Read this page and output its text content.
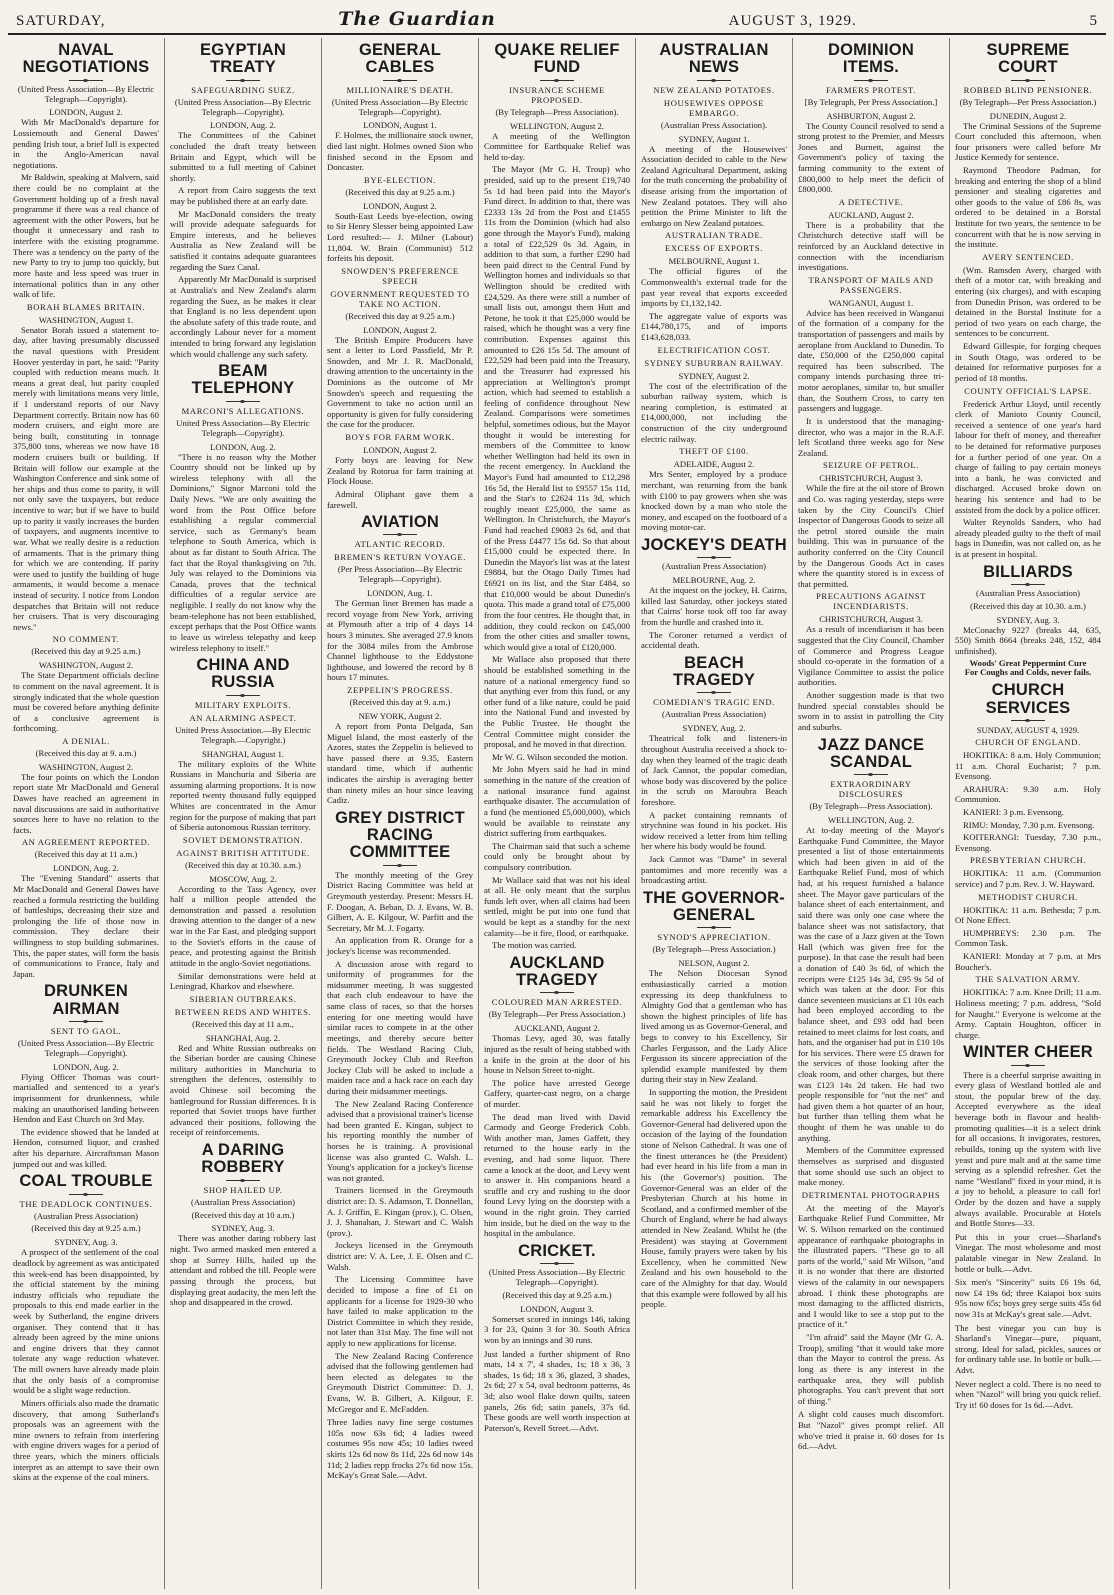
SATURDAY,	The Guardian	AUGUST 3, 1929.	5
NAVAL NEGOTIATIONS
(United Press Association—By Electric Telegraph—Copyright).
LONDON, August 2.
With Mr MacDonald's departure for Lossiemouth and General Dawes' pending Irish tour, a brief lull is expected in the Anglo-American naval negotiations.
Mr Baldwin, speaking at Malvern, said there could be no complaint at the Government holding up of a fresh naval programme if there was a real chance of agreement with the other Powers, but he thought it unnecessary and rash to interfere with the existing programme. There was a tendency on the party of the new Party to try to jump too quickly, but more haste and less speed was truer in international politics than in any other walk of life.
BORAH BLAMES BRITAIN.
WASHINGTON, August 1.
Senator Borah issued a statement to-day, after having presumably discussed the naval questions with President Hoover yesterday in part, he said: "Parity coupled with reduction means much. It means a great deal, but parity coupled merely with limitations means very little, if I understand reports of our Navy Department correctly. Britain now has 60 modern cruisers, and eight more are being built, constituting in tonnage 375,800 tons, whereas we now have 18 modern cruisers built or building. If Britain will follow our example at the Washington Conference and sink some of her ships and thus come to parity, it will not only save the taxpayers, but reduce incentive to war; but if we have to build up to parity it vastly increases the burden of taxpayers, and augments incentive to war. What we really desire is a reduction of armaments. That is the primary thing for which we are contending. If parity were used to justify the building of huge armaments, it would become a menace instead of security. I notice from London despatches that Britain will not reduce her cruisers. That is very discouraging news."
NO COMMENT.
(Received this day at 9.25 a.m.)
WASHINGTON, August 2.
The State Department officials decline to comment on the naval agreement. It is strongly indicated that the whole question must be covered before anything definite of a conclusive agreement is forthcoming.
A DENIAL.
(Received this day at 9. a.m.)
WASHINGTON, August 2.
The four points on which the London report state Mr MacDonald and General Dawes have reached an agreement in naval discussions are said in authoritative sources here to have no relation to the facts.
AN AGREEMENT REPORTED.
(Received this day at 11 a.m.)
LONDON, Aug. 2.
The "Evening Standard" asserts that Mr MacDonald and General Dawes have reached a formula restricting the building of battleships, decreasing their size and prolonging the life of those now in commission. They declare their willingness to stop building submarines. This, the paper states, will form the basis of communications to France, Italy and Japan.
DRUNKEN AIRMAN
SENT TO GAOL.
(United Press Association—By Electric Telegraph—Copyright).
LONDON, Aug. 2.
Flying Officer Thomas was court-martialled and sentenced to a year's imprisonment for drunkenness, while making an unauthorised landing between Hendon and East Church on 3rd May.
The evidence showed that he landed at Hendon, consumed liquor, and crashed after his departure. Aircraftsman Mason jumped out and was killed.
COAL TROUBLE
THE DEADLOCK CONTINUES.
(Australian Press Association)
(Received this day at 9.25 a.m.)
SYDNEY, Aug. 3.
A prospect of the settlement of the coal deadlock by agreement as was anticipated this week-end has been disappointed, by the official statement by the mining industry officials who repudiate the proposals to this end made earlier in the week by Sutherland, the engine drivers organiser. They contend that it has already been agreed by the mine unions and engine drivers that they cannot tolerate any wage reduction whatever. The mill owners have already made plain that the only basis of a compromise would be a slight wage reduction.
Miners officials also made the dramatic discovery, that among Sutherland's proposals was an agreement with the mine owners to refrain from interfering with engine drivers wages for a period of three years, which the miners officials interpret as an attempt to save their own skins at the expense of the coal miners.
EGYPTIAN TREATY
SAFEGUARDING SUEZ.
(United Press Association—By Electric Telegraph—Copyright).
LONDON, Aug. 2.
The Committees of the Cabinet concluded the draft treaty between Britain and Egypt, which will be submitted to a full meeting of Cabinet shortly.
A report from Cairo suggests the text may be published there at an early date.
Mr MacDonald considers the treaty will provide adequate safeguards for Empire interests, and he believes Australia as New Zealand will be satisfied it contains adequate guarantees regarding the Suez Canal.
Apparently Mr MacDonald is surprised at Australia's and New Zealand's alarm regarding the Suez, as he makes it clear that England is no less dependent upon the absolute safety of this trade route, and accordingly Labour never for a moment intended to bring forward any legislation which would challenge any such safety.
BEAM TELEPHONY
MARCONI'S ALLEGATIONS.
United Press Association—By Electric Telegraph—Copyright).
LONDON, Aug. 2.
"There is no reason why the Mother Country should not be linked up by wireless telephony with all the Dominions," Signor Marconi told the Daily News. "We are only awaiting the word from the Post Office before establishing a regular commercial service, such as Germany's beam telephone to South America, which is about as far distant to South Africa. The fact that the Royal thanksgiving on 7th. July was relayed to the Dominions via Canada, proves that the technical difficulties of a regular service are negligible. I really do not know why the beam-telephone has not been established, except perhaps that the Post Office wants to leave us wireless telepathy and keep wireless telephony to itself."
CHINA AND RUSSIA
MILITARY EXPLOITS.
AN ALARMING ASPECT.
United Press Association.—By Electric Telegraph.—Copyright.)
SHANGHAI, August 1.
The military exploits of the White Russians in Manchuria and Siberia are assuming alarming proportions. It is now reported twenty thousand fully equipped Whites are concentrated in the Amur region for the purpose of making that part of Siberia autonomous Russian territory.
SOVIET DEMONSTRATION.
AGAINST BRITISH ATTITUDE.
(Received this day at 10.30. a.m.)
MOSCOW, Aug. 2.
According to the Tass Agency, over half a million people attended the demonstration and passed a resolution drawing attention to the danger of a new war in the Far East, and pledging support to the Soviet's efforts in the cause of peace, and protesting against the British attitude in the anglo-Soviet negotiations.
Similar demonstrations were held at Leningrad, Kharkov and elsewhere.
SIBERIAN OUTBREAKS.
BETWEEN REDS AND WHITES.
(Received this day at 11 a.m.,
SHANGHAI, Aug. 2.
Red and White Russian outbreaks on the Siberian border are causing Chinese military authorities in Manchuria to strengthen the defences, ostensibly to avoid Chinese soil becoming the battleground for Russian differences. It is reported that Soviet troops have further advanced their positions, following the receipt of reinforcements.
A DARING ROBBERY
SHOP HAILED UP.
(Australian Press Association)
(Received this day at 10 a.m.)
SYDNEY, Aug. 3.
There was another daring robbery last night. Two armed masked men entered a shop at Surrey Hills, hailed up the attendant and robbed the till. People were passing through the process, but displaying great audacity, the men left the shop and disappeared in the crowd.
GENERAL CABLES
MILLIONAIRE'S DEATH.
(United Press Association—By Electric Telegraph—Copyright).
LONDON, August 1.
F. Holmes, the millionaire stock owner, died last night. Holmes owned Sion who finished second in the Epsom and Doncaster.
BYE-ELECTION.
(Received this day at 9.25 a.m.)
LONDON, August 2.
South-East Leeds bye-election, owing to Sir Henry Slesser being appointed Law Lord resulted:— J. Milner (Labour) 11,804. W. Brain (Communist) 512 forfeits his deposit.
SNOWDEN'S PREFERENCE SPEECH
GOVERNMENT REQUESTED TO TAKE NO ACTION.
(Received this day at 9.25 a.m.)
LONDON, August 2.
The British Empire Producers have sent a letter to Lord Passfield, Mr P. Snowden, and Mr J. R. MacDonald, drawing attention to the uncertainty in the Dominions as the outcome of Mr Snowden's speech and requesting the Government to take no action until an opportunity is given for fully considering the case for the producer.
BOYS FOR FARM WORK.
LONDON, August 2.
Forty boys are leaving for New Zealand by Rotorua for farm training at Flock House.
Admiral Oliphant gave them a farewell.
AVIATION
ATLANTIC RECORD.
BREMEN'S RETURN VOYAGE.
(Per Press Association—By Electric Telegraph—Copyright).
LONDON, Aug. 1.
The German liner Bremen has made a record voyage from New York, arriving at Plymouth after a trip of 4 days 14 hours 3 minutes. She averaged 27.9 knots for the 3084 miles from the Ambrose Channel lighthouse to the Eddystone lighthouse, and lowered the record by 8 hours 17 minutes.
ZEPPELIN'S PROGRESS.
(Received this day at 9. a.m.)
NEW YORK, August 2.
A report from Ponta Delgada, San Miguel Island, the most easterly of the Azores, states the Zeppelin is believed to have passed there at 9.35, Eastern standard time, which if authentic indicates the airship is averaging better than ninety miles an hour since leaving Cadiz.
GREY DISTRICT RACING COMMITTEE
The monthly meeting of the Grey District Racing Committee was held at Greymouth yesterday. Present: Messrs H. F. Doogan, A. Beban, D. J. Evans, W. B. Gilbert, A. E. Kilgour, W. Parfitt and the Secretary, Mr M. J. Fogarty.
An application from R. Orange for a jockey's license was recommended.
A discussion arose with regard to uniformity of programmes for the midsummer meeting. It was suggested that each club endeavour to have the same class of races, so that the horses entering for one meeting would have similar races to compete in at the other meetings, and thereby secure better fields. The Westland Racing Club, Greymouth Jockey Club and Reefton Jockey Club will be asked to include a maiden race and a hack race on each day during their midsummer meetings.
The New Zealand Racing Conference advised that a provisional trainer's license had been granted E. Kingan, subject to his reporting monthly the number of horses he is training. A provisional license was also granted C. Walsh. L. Young's application for a jockey's license was not granted.
Trainers licensed in the Greymouth district are: D. S. Adamson, T. Donnellan, A. J. Griffin, E. Kingan (prov.), C. Olsen, J. J. Shanahan, J. Stewart and C. Walsh (prov.).
Jockeys licensed in the Greymouth district are: V. A. Lee, J. E. Olsen and C. Walsh.
The Licensing Committee have decided to impose a fine of £1 on applicants for a license for 1929-30 who have failed to make application to the District Committee in which they reside, not later than 31st May. The fine will not apply to new applications for license.
The New Zealand Racing Conference advised that the following gentlemen had been elected as delegates to the Greymouth District Committee: D. J. Evans, W. B. Gilbert, A. Kilgour, F. McGregor and E. McFadden.
Three ladies navy fine serge costumes 105s now 63s 6d; 4 ladies tweed costumes 95s now 45s; 10 ladies tweed skirts 12s 6d now 8s 11d, 22s 6d now 14s 11d; 2 ladies repp frocks 27s 6d now 15s. McKay's Great Sale.—Advt.
QUAKE RELIEF FUND
INSURANCE SCHEME PROPOSED.
(By Telegraph—Press Association).
WELLINGTON, August 2.
A meeting of the Wellington Committee for Earthquake Relief was held to-day.
The Mayor (Mr G. H. Troup) who presided, said up to the present £19,740 5s 1d had been paid into the Mayor's Fund direct. In addition to that, there was £2333 13s 2d from the Post and £1455 11s from the Dominion (which had also gone through the Mayor's Fund), making a total of £22,529 0s 3d. Again, in addition to that sum, a further £290 had been paid direct to the Central Fund by Wellington homes and individuals so that Wellington should be credited with £24,529. As there were still a number of small lists out, amongst them Hutt and Petone, he took it that £25,000 would be raised, which he thought was a very fine contribution. Expenses against this amounted to £26 15s 5d. The amount of £22,529 had been paid into the Treasury, and the Treasurer had expressed his appreciation at Wellington's prompt action, which had seemed to establish a feeling of confidence throughout New Zealand. Comparisons were sometimes helpful, sometimes odious, but the Mayor thought it would be interesting for members of the Committee to know whether Wellington had held its own in the recent emergency. In Auckland the Mayor's Fund had amounted to £12,298 16s 5d, the Herald list to £9557 15s 11d, and the Star's to £2624 11s 3d, which roughly meant £25,000, the same as Wellington. In Christchurch, the Mayor's Fund had reached £9083 2s 6d, and that of the Press £4477 15s 6d. So that about £15,000 could be expected there. In Dunedin the Mayor's list was at the latest £9884, but the Otago Daily Times had £6921 on its list, and the Star £484, so that £10,000 would be about Dunedin's quota. This made a grand total of £75,000 from the four centres. He thought that, in addition, they could reckon on £45,000 from the other cities and smaller towns, which would give a total of £120,000.
Mr Wallace also proposed that there should be established something in the nature of a national emergency fund so that anything ever from this fund, or any other fund of a like nature, could be paid into the National Fund and invested by the Public Trustee. He thought the Central Committee might consider the proposal, and he moved in that direction.
Mr W. G. Wilson seconded the motion.
Mr John Myers said he had in mind something in the nature of the creation of a national insurance fund against earthquake disaster. The accumulation of a fund (he mentioned £5,000,000), which would be available to reinstate any district suffering from earthquakes.
The Chairman said that such a scheme could only be brought about by compulsory contribution.
Mr Wallace said that was not his ideal at all. He only meant that the surplus funds left over, when all claims had been settled, might be put into one fund that would be kept as a standby for the next calamity—be it fire, flood, or earthquake.
The motion was carried.
AUCKLAND TRAGEDY
COLOURED MAN ARRESTED.
(By Telegraph—Per Press Association.)
AUCKLAND, August 2.
Thomas Levy, aged 30, was fatally injured as the result of being stabbed with a knife in the groin at the door of his house in Nelson Street to-night.
The police have arrested George Gaffery, quarter-cast negro, on a charge of murder.
The dead man lived with David Carmody and George Frederick Cobb. With another man, James Gaffett, they returned to the house early in the evening, and had some liquor. There came a knock at the door, and Levy went to answer it. His companions heard a scuffle and cry and rushing to the door found Levy lying on the doorstep with a wound in the right groin. They carried him inside, but he died on the way to the hospital in the ambulance.
CRICKET.
(United Press Association—By Electric Telegraph—Copyright).
(Received this day at 9.25 a.m.)
LONDON, August 3.
Somerset scored in innings 146, taking 3 for 23, Quinn 3 for 30. South Africa won by an innings and 30 runs.
Just landed a further shipment of Rno mats, 14 x 7', 4 shades, 1s; 18 x 36, 3 shades, 1s 6d; 18 x 36, glazed, 3 shades, 2s 6d; 27 x 54, oval bedroom patterns, 4s 3d; also wool flake down quilts, sateen panels, 26s 6d; satin panels, 37s 6d. These goods are well worth inspection at Paterson's, Revell Street.—Advt.
AUSTRALIAN NEWS
NEW ZEALAND POTATOES.
HOUSEWIVES OPPOSE EMBARGO.
(Australian Press Association).
SYDNEY, August 1.
A meeting of the Housewives' Association decided to cable to the New Zealand Agricultural Department, asking for the truth concerning the probability of disease arising from the importation of New Zealand potatoes. They will also petition the Prime Minister to lift the embargo on New Zealand potatoes.
AUSTRALIAN TRADE.
EXCESS OF EXPORTS.
MELBOURNE, August 1.
The official figures of the Commonwealth's external trade for the past year reveal that exports exceeded imports by £1,132,142.
The aggregate value of exports was £144,780,175, and of imports £143,628,033.
ELECTRIFICATION COST.
SYDNEY SUBURBAN RAILWAY.
SYDNEY, August 2.
The cost of the electrification of the suburban railway system, which is nearing completion, is estimated at £14,000,000, not including the construction of the city underground electric railway.
THEFT OF £100.
ADELAIDE, August 2.
Mrs Senter, employed by a produce merchant, was returning from the bank with £100 to pay growers when she was knocked down by a man who stole the money, and escaped on the footboard of a moving motor-car.
JOCKEY'S DEATH
(Australian Press Association)
MELBOURNE, Aug. 2.
At the inquest on the jockey, H. Cairns, killed last Saturday, other jockeys stated that Cairns' horse took off too far away from the hurdle and crashed into it.
The Coroner returned a verdict of accidental death.
BEACH TRAGEDY
COMEDIAN'S TRAGIC END.
(Australian Press Association)
SYDNEY, Aug. 2.
Theatrical folk and listeners-in throughout Australia received a shock to-day when they learned of the tragic death of Jack Cannot, the popular comedian, whose body was discovered by the police in the scrub on Maroubra Beach foreshore.
A packet containing remnants of strychnine was found in his pocket. His widow received a letter from him telling her where his body would be found.
Jack Cannot was "Dame" in several pantomimes and more recently was a broadcasting artist.
THE GOVERNOR-GENERAL
SYNOD'S APPRECIATION.
(By Telegraph—Press Association.)
NELSON, August 2.
The Nelson Diocesan Synod enthusiastically carried a motion expressing its deep thankfulness to Almighty God that a gentleman who has shown the highest principles of life has lived among us as Governor-General, and begs to convey to his Excellency, Sir Charles Fergusson, and the Lady Alice Fergusson its sincere appreciation of the splendid example manifested by them during their stay in New Zealand.
In supporting the motion, the President said he was not likely to forget the remarkable address his Excellency the Governor-General had delivered upon the occasion of the laying of the foundation stone of Nelson Cathedral. It was one of the finest utterances he (the President) had ever heard in his life from a man in his (the Governor's) position. The Governor-General was an elder of the Presbyterian Church at his home in Scotland, and a confirmed member of the Church of England, where he had always attended in New Zealand. Whilst he (the President) was staying at Government House, family prayers were taken by his Excellency, when he committed New Zealand and his own household to the care of the Almighty for that day. Would that this example were followed by all his people.
DOMINION ITEMS.
FARMERS PROTEST.
[By Telegraph, Per Press Association.]
ASHBURTON, August 2.
The County Council resolved to send a strong protest to the Premier, and Messrs Jones and Burnett, against the Government's policy of taxing the farming community to the extent of £800,000 to help meet the deficit of £800,000.
A DETECTIVE.
AUCKLAND, August 2.
There is a probability that the Christchurch detective staff will be reinforced by an Auckland detective in connection with the incendiarism investigations.
TRANSPORT OF MAILS AND PASSENGERS.
WANGANUI, August 1.
Advice has been received in Wanganui of the formation of a company for the transportation of passengers and mails by aeroplane from Auckland to Dunedin. To date, £50,000 of the £250,000 capital required has been subscribed. The company intends purchasing three tri-motor aeroplanes, similar to, but smaller than, the Southern Cross, to carry ten passengers and luggage.
It is understood that the managing-director, who was a major in the R.A.F. left Scotland three weeks ago for New Zealand.
SEIZURE OF PETROL.
CHRISTCHURCH, August 3.
While the fire at the oil store of Brown and Co. was raging yesterday, steps were taken by the City Council's Chief Inspector of Dangerous Goods to seize all the petrol stored outside the main building. This was in pursuance of the authority conferred on the City Council by the Dangerous Goods Act in cases where the quantity stored is in excess of that permitted.
PRECAUTIONS AGAINST INCENDIARISTS.
CHRISTCHURCH, August 3.
As a result of incendiarism it has been suggested that the City Council, Chamber of Commerce and Progress League should co-operate in the formation of a Vigilance Committee to assist the police authorities.
Another suggestion made is that two hundred special constables should be sworn in to assist in patrolling the City and suburbs.
JAZZ DANCE SCANDAL
EXTRAORDINARY DISCLOSURES
(By Telegraph—Press Association).
WELLINGTON, Aug. 2.
At to-day meeting of the Mayor's Earthquake Fund Committee, the Mayor presented a list of those entertainments which had been given in aid of the Earthquake Relief Fund, most of which had, at his request furnished a balance sheet. The Mayor gave particulars of the balance sheet of each entertainment, and said there was only one case where the balance sheet was not satisfactory, that was the case of a Jazz given at the Town Hall (which was given free for the purpose). In that case the result had been a donation of £40 3s 6d, of which the receipts were £125 14s 3d, £95 9s 5d of which was taken at the door. For this dance seventeen musicians at £1 10s each had been employed according to the balance sheet, and £93 odd had been retained to meet claims for lost coats, and hats, and the organiser had put in £10 10s for his services. There were £5 drawn for the services of those looking after the cloak room, and other charges, but there was £123 14s 2d taken. He had two people responsible for "not the net" and had given them a hot quarter of an hour, but further than telling them what he thought of them he was unable to do anything.
Members of the Committee expressed themselves as surprised and disgusted that some should use such an object to make money.
DETRIMENTAL PHOTOGRAPHS
At the meeting of the Mayor's Earthquake Relief Fund Committee, Mr W. S. Wilson remarked on the continued appearance of earthquake photographs in the illustrated papers. "These go to all parts of the world," said Mr Wilson, "and it is no wonder that there are distorted views of the calamity in our newspapers abroad. I think these photographs are most damaging to the afflicted districts, and I would like to see a stop put to the practice of it."
"I'm afraid" said the Mayor (Mr G. A. Troup), smiling "that it would take more than the Mayor to control the press. As long as there is any interest in the earthquake area, they will publish photographs. You can't prevent that sort of thing."
A slight cold causes much discomfort. But "Nazol" gives prompt relief. All who've tried it praise it. 60 doses for 1s 6d.—Advt.
SUPREME COURT
ROBBED BLIND PENSIONER.
(By Telegraph—Per Press Association.)
DUNEDIN, August 2.
The Criminal Sessions of the Supreme Court concluded this afternoon, when four prisoners were called before Mr Justice Kennedy for sentence.
Raymond Theodore Padman, for breaking and entering the shop of a blind pensioner and stealing cigarettes and other goods to the value of £86 8s, was ordered to be detained in a Borstal Institute for two years, the sentence to be concurrent with that he is now serving in the institute.
AVERY SENTENCED.
(Wm. Ramsden Avery, charged with theft of a motor car, with breaking and entering (six charges), and with escaping from Dunedin Prison, was ordered to be detained in the Borstal Institute for a period of two years on each charge, the sentences to be concurrent.
Edward Gillespie, for forging cheques in South Otago, was ordered to be detained for reformative purposes for a period of 18 months.
COUNTY OFFICIAL'S LAPSE.
Frederick Arthur Lloyd, until recently clerk of Manioto County Council, received a sentence of one year's hard labour for theft of money, and thereafter to be detained for reformative purposes for a further period of one year. On a charge of failing to pay certain moneys into a bank, he was convicted and discharged. Accused broke down on hearing his sentence and had to be assisted from the dock by a police officer.
Walter Reynolds Sanders, who had already pleaded guilty to the theft of mail bags in Dunedin, was not called on, as he is at present in hospital.
BILLIARDS
(Australian Press Association)
(Received this day at 10.30. a.m.)
SYDNEY, Aug. 3.
McConachy 9227 (breaks 44, 635, 550) Smith 8664 (breaks 248, 152, 484 unfinished).
Woods' Great Peppermint Cure
For Coughs and Colds, never fails.
CHURCH SERVICES
SUNDAY, AUGUST 4, 1929.
CHURCH OF ENGLAND.
HOKITIKA: 8 a.m. Holy Communion; 11 a.m. Choral Eucharist; 7 p.m. Evensong.
ARAHURA: 9.30 a.m. Holy Communion.
KANIERI: 3 p.m. Evensong.
RIMU: Monday, 7.30 p.m. Evensong.
KOITERANGI: Tuesday, 7.30 p.m., Evensong.
PRESBYTERIAN CHURCH.
HOKITIKA: 11 a.m. (Communion service) and 7 p.m. Rev. J. W. Hayward.
METHODIST CHURCH.
HOKITIKA: 11 a.m. Bethesda; 7 p.m. Of None Effect.
HUMPHREYS: 2.30 p.m. The Common Task.
KANIERI: Monday at 7 p.m. at Mrs Boucher's.
THE SALVATION ARMY.
HOKITIKA: 7 a.m. Knee Drill; 11 a.m. Holiness meeting; 7 p.m. address, "Sold for Naught." Everyone is welcome at the Army. Captain Houghton, officer in charge.
WINTER CHEER
There is a cheerful surprise awaiting in every glass of Westland bottled ale and stout, the popular brew of the day. Accepted everywhere as the ideal beverage both in flavour and health-promoting qualities—it is a select drink for all occasions. It invigorates, restores, rebuilds, toning up the system with live yeast and pure malt and at the same time serving as a splendid refresher. Get the name "Westland" fixed in your mind, it is a joy to behold, a pleasure to call for! Order by the dozen and have a supply always available. Procurable at Hotels and Bottle Stores—33.
Put this in your cruet—Sharland's Vinegar. The most wholesome and most palatable vinegar in New Zealand. In bottle or bulk.—Advt.
Six men's "Sincerity" suits £6 19s 6d, now £4 19s 6d; three Kaiapoi box suits 95s now 65s; boys grey serge suits 45s 6d now 31s at McKay's great sale.—Advt.
The best vinegar you can buy is Sharland's Vinegar—pure, piquant, strong. Ideal for salad, pickles, sauces or for ordinary table use. In bottle or bulk.—Advt.
Never neglect a cold. There is no need to when "Nazol" will bring you quick relief. Try it! 60 doses for 1s 6d.—Advt.
